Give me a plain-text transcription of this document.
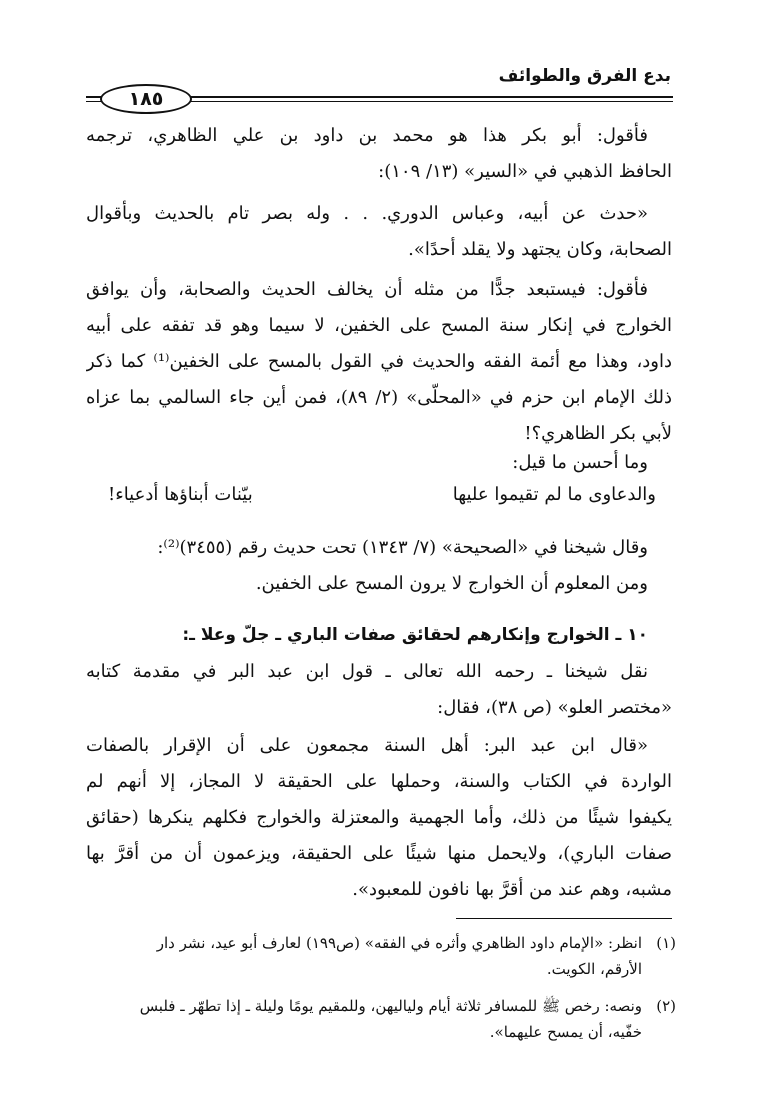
بدع الفرق والطوائف
١٨٥
فأقول: أبو بكر هذا هو محمد بن داود بن علي الظاهري، ترجمه
الحافظ الذهبي في «السير» (١٣/ ١٠٩):
«حدث عن أبيه، وعباس الدوري. . . وله بصر تام بالحديث وبأقوال
الصحابة، وكان يجتهد ولا يقلد أحدًا».
فأقول: فيستبعد جدًّا من مثله أن يخالف الحديث والصحابة، وأن يوافق
الخوارج في إنكار سنة المسح على الخفين، لا سيما وهو قد تفقه على أبيه
داود، وهذا مع أئمة الفقه والحديث في القول بالمسح على الخفين⁽¹⁾ كما ذكر
ذلك الإمام ابن حزم في «المحلّى» (٢/ ٨٩)، فمن أين جاء السالمي بما عزاه
لأبي بكر الظاهري؟!
وما أحسن ما قيل:
وقال شيخنا في «الصحيحة» (٧/ ١٣٤٣) تحت حديث رقم (٣٤٥٥)⁽²⁾:
ومن المعلوم أن الخوارج لا يرون المسح على الخفين.
١٠ ـ الخوارج وإنكارهم لحقائق صفات الباري ـ جلّ وعلا ـ:
نقل شيخنا ـ رحمه الله تعالى ـ قول ابن عبد البر في مقدمة كتابه
«مختصر العلو» (ص ٣٨)، فقال:
«قال ابن عبد البر: أهل السنة مجمعون على أن الإقرار بالصفات
الواردة في الكتاب والسنة، وحملها على الحقيقة لا المجاز، إلا أنهم لم
يكيفوا شيئًا من ذلك، وأما الجهمية والمعتزلة والخوارج فكلهم ينكرها (حقائق
صفات الباري)، ولايحمل منها شيئًا على الحقيقة، ويزعمون أن من أقرَّ بها
مشبه، وهم عند من أقرَّ بها نافون للمعبود».
والدعاوى ما لم تقيموا عليها
بيّنات أبناؤها أدعياء!
(١)انظر: «الإمام داود الظاهري وأثره في الفقه» (ص١٩٩) لعارف أبو عيد، نشر دار
الأرقم، الكويت.
(٢)ونصه: رخص ﷺ للمسافر ثلاثة أيام ولياليهن، وللمقيم يومًا وليلة ـ إذا تطهّر ـ فلبس
خفّيه، أن يمسح عليهما».
